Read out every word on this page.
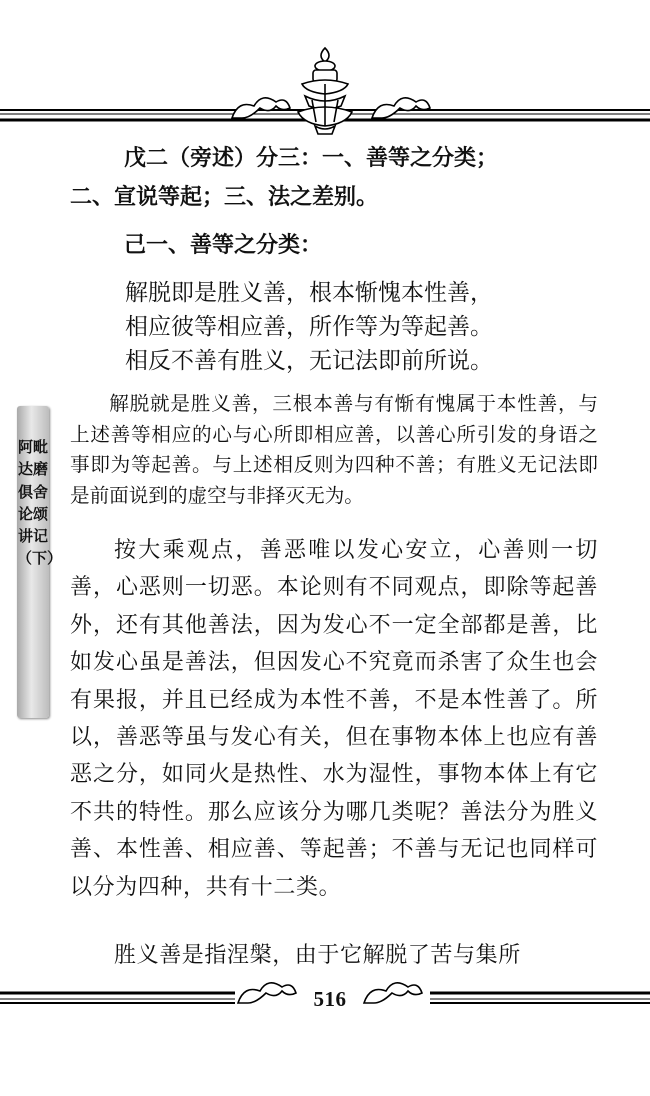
阿毗达磨俱舍论颂讲记（下）
戊二（旁述）分三：一、善等之分类；
二、宣说等起；三、法之差别。
己一、善等之分类：
解脱即是胜义善，根本惭愧本性善，
相应彼等相应善，所作等为等起善。
相反不善有胜义，无记法即前所说。

解脱就是胜义善，三根本善与有惭有愧属于本性善，与上述善等相应的心与心所即相应善，以善心所引发的身语之事即为等起善。与上述相反则为四种不善；有胜义无记法即是前面说到的虚空与非择灭无为。

按大乘观点，善恶唯以发心安立，心善则一切善，心恶则一切恶。本论则有不同观点，即除等起善外，还有其他善法，因为发心不一定全部都是善，比如发心虽是善法，但因发心不究竟而杀害了众生也会有果报，并且已经成为本性不善，不是本性善了。所以，善恶等虽与发心有关，但在事物本体上也应有善恶之分，如同火是热性、水为湿性，事物本体上有它不共的特性。那么应该分为哪几类呢？善法分为胜义善、本性善、相应善、等起善；不善与无记也同样可以分为四种，共有十二类。

胜义善是指涅槃，由于它解脱了苦与集所

516
